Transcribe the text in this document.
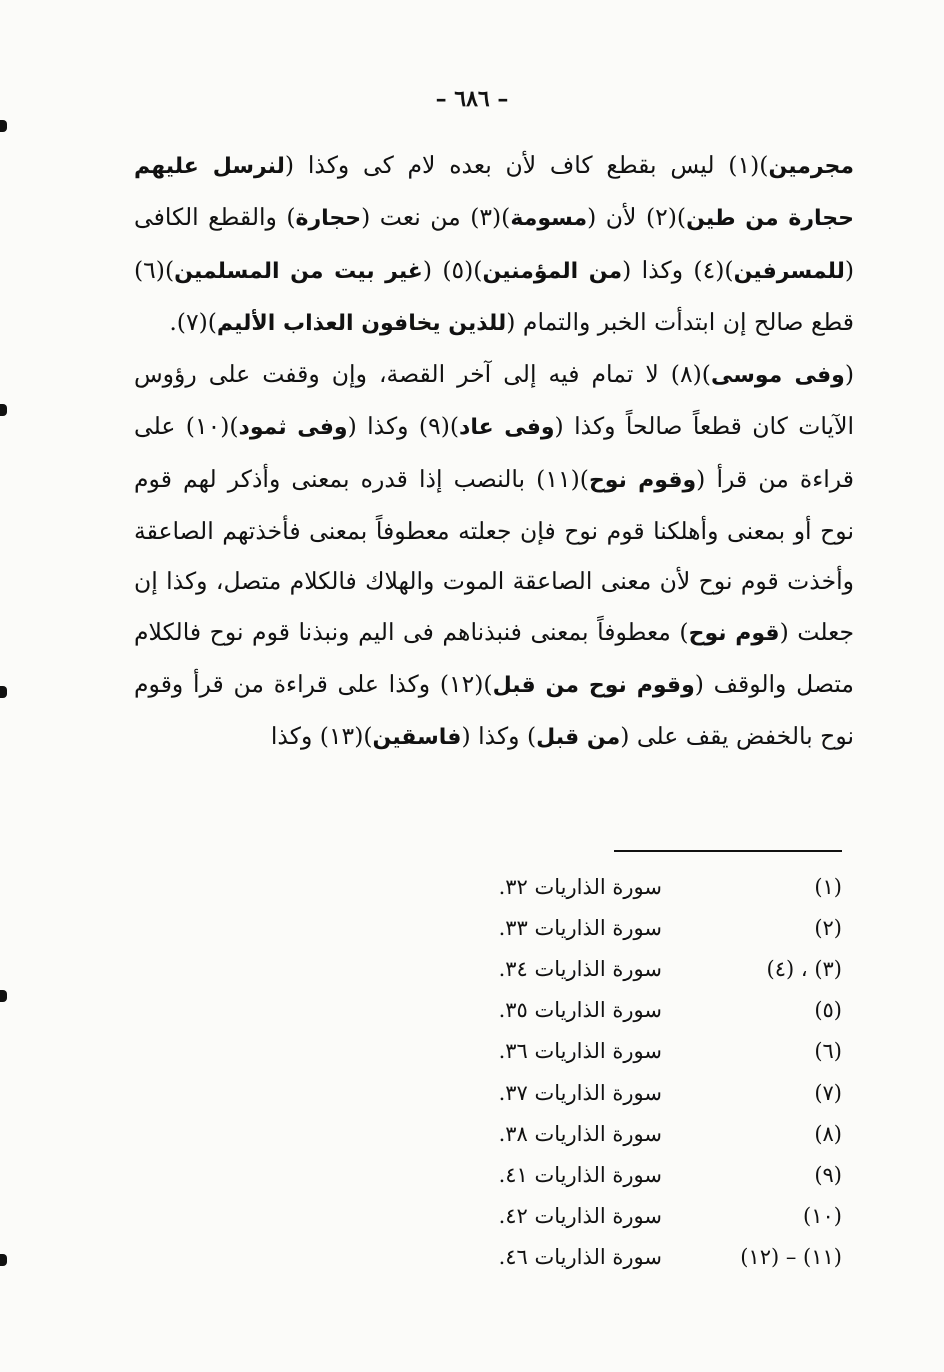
– ٦٨٦ –

مجرمين)(١) ليس بقطع كاف لأن بعده لام كى وكذا (لنرسل عليهم حجارة من طين)(٢) لأن (مسومة)(٣) من نعت (حجارة) والقطع الكافى (للمسرفين)(٤) وكذا (من المؤمنين)(٥) (غير بيت من المسلمين)(٦) قطع صالح إن ابتدأت الخبر والتمام (للذين يخافون العذاب الأليم)(٧).

(وفى موسى)(٨) لا تمام فيه إلى آخر القصة، وإن وقفت على رؤوس الآيات كان قطعاً صالحاً وكذا (وفى عاد)(٩) وكذا (وفى ثمود)(١٠) على قراءة من قرأ (وقوم نوح)(١١) بالنصب إذا قدره بمعنى وأذكر لهم قوم نوح أو بمعنى وأهلكنا قوم نوح فإن جعلته معطوفاً بمعنى فأخذتهم الصاعقة وأخذت قوم نوح لأن معنى الصاعقة الموت والهلاك فالكلام متصل، وكذا إن جعلت (قوم نوح) معطوفاً بمعنى فنبذناهم فى اليم ونبذنا قوم نوح فالكلام متصل والوقف (وقوم نوح من قبل)(١٢) وكذا على قراءة من قرأ وقوم نوح بالخفض يقف على (من قبل) وكذا (فاسقين)(١٣) وكذا

(١)
سورة الذاريات ٣٢.
(٢)
سورة الذاريات ٣٣.
(٣) ، (٤)
سورة الذاريات ٣٤.
(٥)
سورة الذاريات ٣٥.
(٦)
سورة الذاريات ٣٦.
(٧)
سورة الذاريات ٣٧.
(٨)
سورة الذاريات ٣٨.
(٩)
سورة الذاريات ٤١.
(١٠)
سورة الذاريات ٤٢.
(١١) – (١٢)
سورة الذاريات ٤٦.
